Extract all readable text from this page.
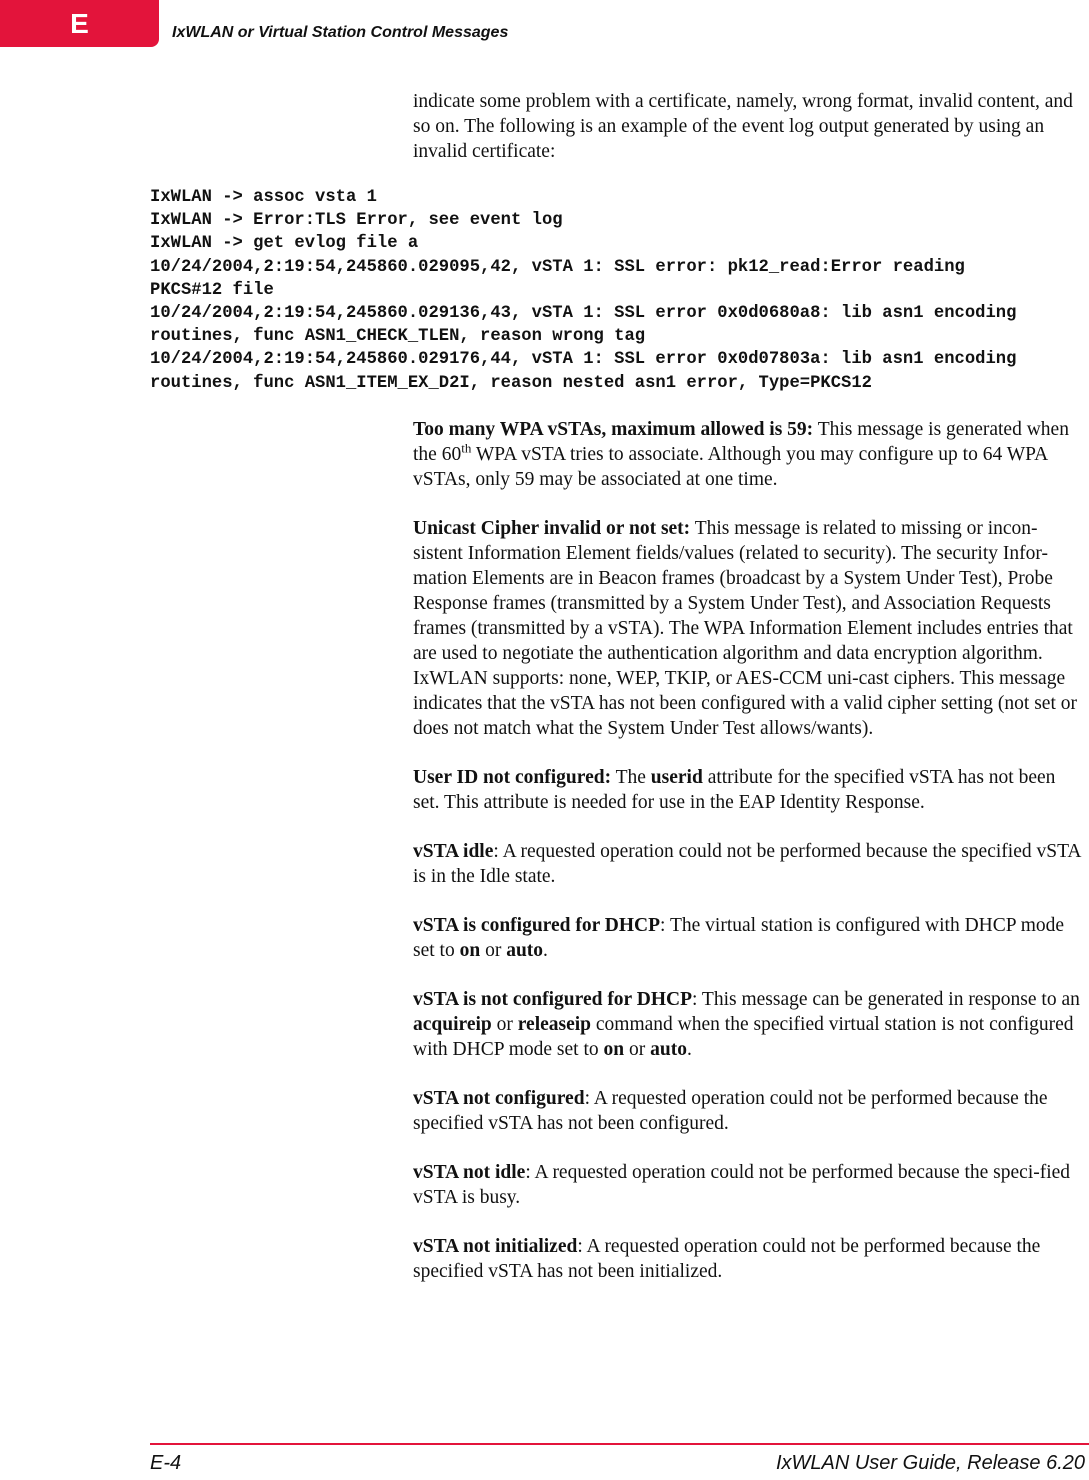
E	IxWLAN or Virtual Station Control Messages

indicate some problem with a certificate, namely, wrong format, invalid content, and so on. The following is an example of the event log output generated by using an invalid certificate:

IxWLAN -> assoc vsta 1
IxWLAN -> Error:TLS Error, see event log
IxWLAN -> get evlog file a
10/24/2004,2:19:54,245860.029095,42, vSTA 1: SSL error: pk12_read:Error reading
PKCS#12 file
10/24/2004,2:19:54,245860.029136,43, vSTA 1: SSL error 0x0d0680a8: lib asn1 encoding
routines, func ASN1_CHECK_TLEN, reason wrong tag
10/24/2004,2:19:54,245860.029176,44, vSTA 1: SSL error 0x0d07803a: lib asn1 encoding
routines, func ASN1_ITEM_EX_D2I, reason nested asn1 error, Type=PKCS12

Too many WPA vSTAs, maximum allowed is 59: This message is generated when the 60th WPA vSTA tries to associate. Although you may configure up to 64 WPA vSTAs, only 59 may be associated at one time.

Unicast Cipher invalid or not set: This message is related to missing or incon-sistent Information Element fields/values (related to security). The security Infor-mation Elements are in Beacon frames (broadcast by a System Under Test), Probe Response frames (transmitted by a System Under Test), and Association Requests frames (transmitted by a vSTA). The WPA Information Element includes entries that are used to negotiate the authentication algorithm and data encryption algorithm. IxWLAN supports: none, WEP, TKIP, or AES-CCM uni-cast ciphers. This message indicates that the vSTA has not been configured with a valid cipher setting (not set or does not match what the System Under Test allows/wants).

User ID not configured: The userid attribute for the specified vSTA has not been set. This attribute is needed for use in the EAP Identity Response.

vSTA idle: A requested operation could not be performed because the specified vSTA is in the Idle state.

vSTA is configured for DHCP: The virtual station is configured with DHCP mode set to on or auto.

vSTA is not configured for DHCP: This message can be generated in response to an acquireip or releaseip command when the specified virtual station is not configured with DHCP mode set to on or auto.

vSTA not configured: A requested operation could not be performed because the specified vSTA has not been configured.

vSTA not idle: A requested operation could not be performed because the speci-fied vSTA is busy.

vSTA not initialized: A requested operation could not be performed because the specified vSTA has not been initialized.

E-4	IxWLAN User Guide, Release 6.20
